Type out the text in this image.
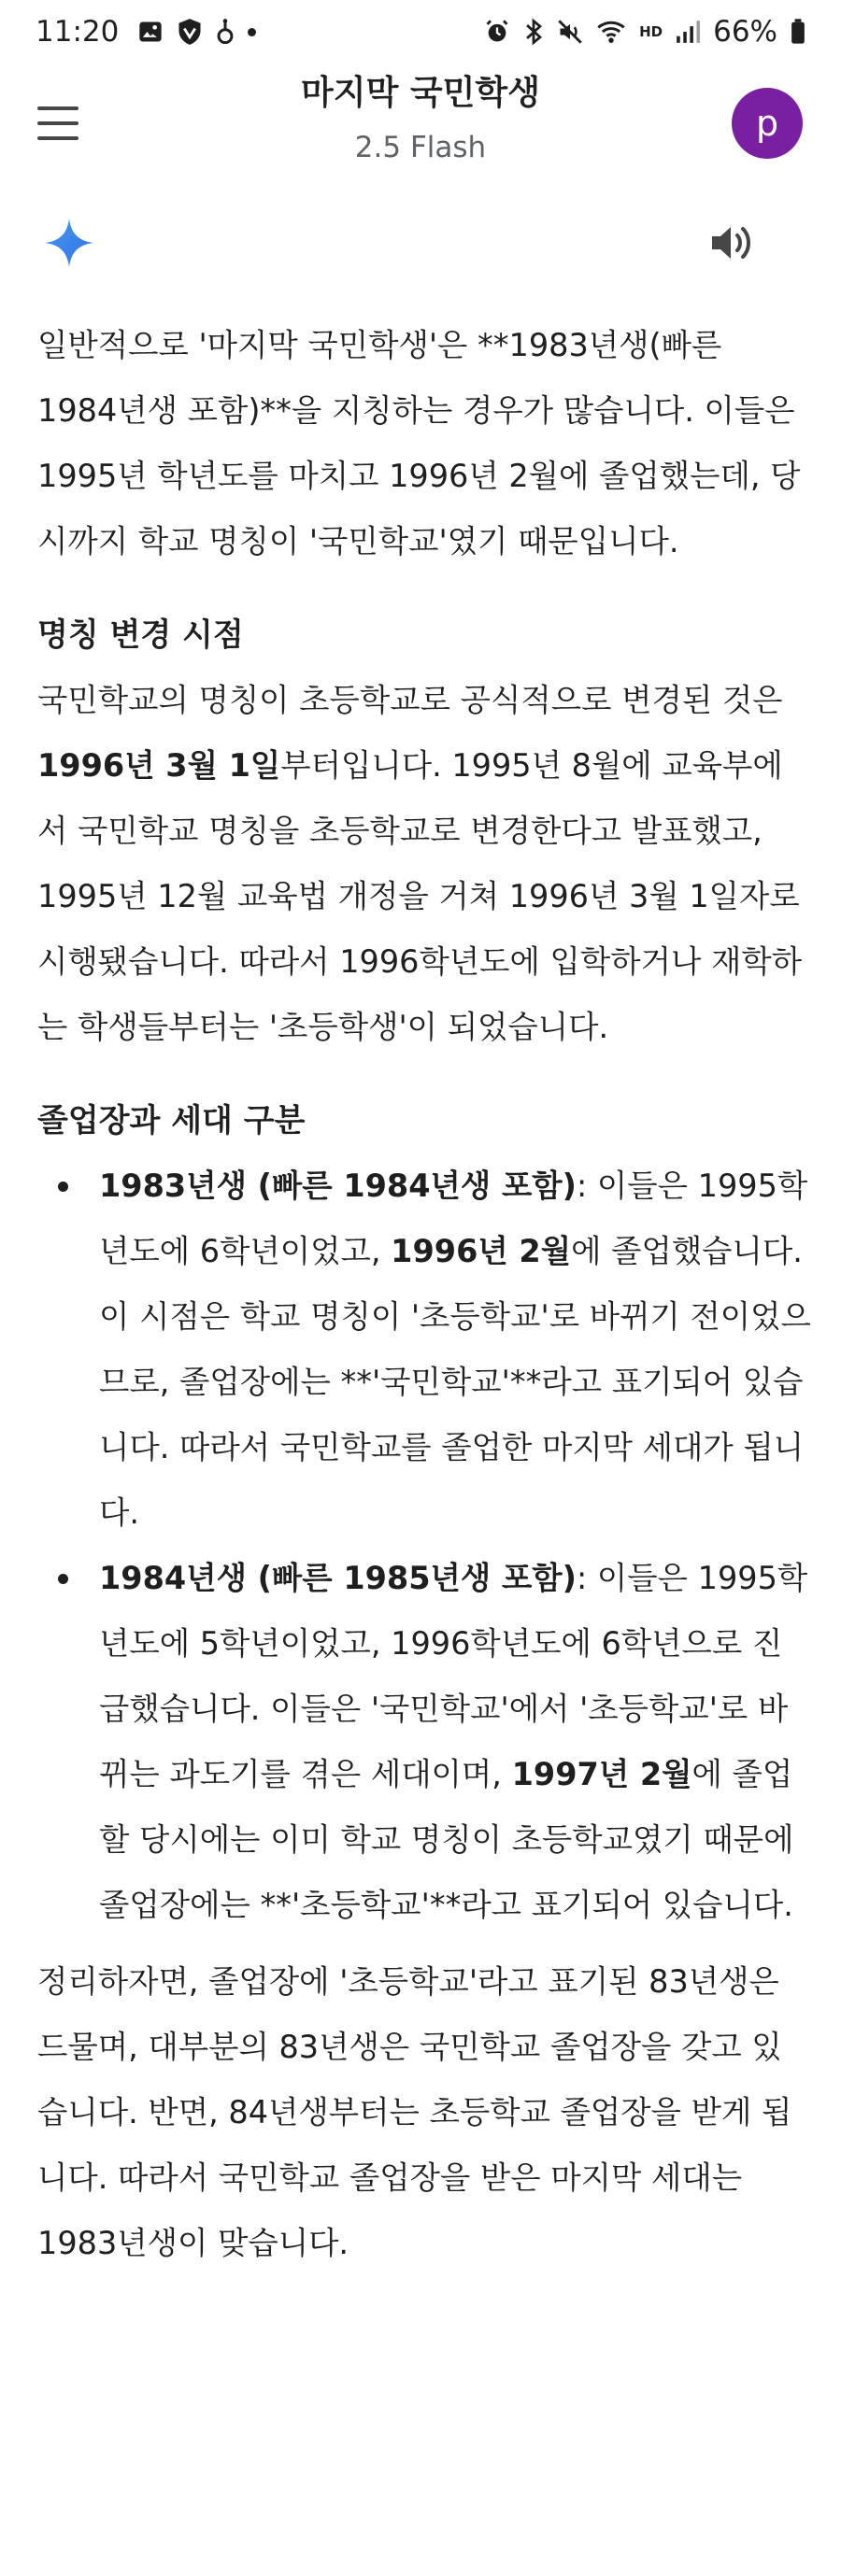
11:20	HD 66%
마지막 국민학생
2.5 Flash
p

일반적으로 '마지막 국민학생'은 **1983년생(빠른 1984년생 포함)**을 지칭하는 경우가 많습니다. 이들은 1995년 학년도를 마치고 1996년 2월에 졸업했는데, 당시까지 학교 명칭이 '국민학교'였기 때문입니다.

명칭 변경 시점

국민학교의 명칭이 초등학교로 공식적으로 변경된 것은 1996년 3월 1일부터입니다. 1995년 8월에 교육부에서 국민학교 명칭을 초등학교로 변경한다고 발표했고, 1995년 12월 교육법 개정을 거쳐 1996년 3월 1일자로 시행됐습니다. 따라서 1996학년도에 입학하거나 재학하는 학생들부터는 '초등학생'이 되었습니다.

졸업장과 세대 구분

1983년생 (빠른 1984년생 포함): 이들은 1995학년도에 6학년이었고, 1996년 2월에 졸업했습니다. 이 시점은 학교 명칭이 '초등학교'로 바뀌기 전이었으므로, 졸업장에는 **'국민학교'**라고 표기되어 있습니다. 따라서 국민학교를 졸업한 마지막 세대가 됩니다.
1984년생 (빠른 1985년생 포함): 이들은 1995학년도에 5학년이었고, 1996학년도에 6학년으로 진급했습니다. 이들은 '국민학교'에서 '초등학교'로 바뀌는 과도기를 겪은 세대이며, 1997년 2월에 졸업할 당시에는 이미 학교 명칭이 초등학교였기 때문에 졸업장에는 **'초등학교'**라고 표기되어 있습니다.

정리하자면, 졸업장에 '초등학교'라고 표기된 83년생은 드물며, 대부분의 83년생은 국민학교 졸업장을 갖고 있습니다. 반면, 84년생부터는 초등학교 졸업장을 받게 됩니다. 따라서 국민학교 졸업장을 받은 마지막 세대는 1983년생이 맞습니다.
